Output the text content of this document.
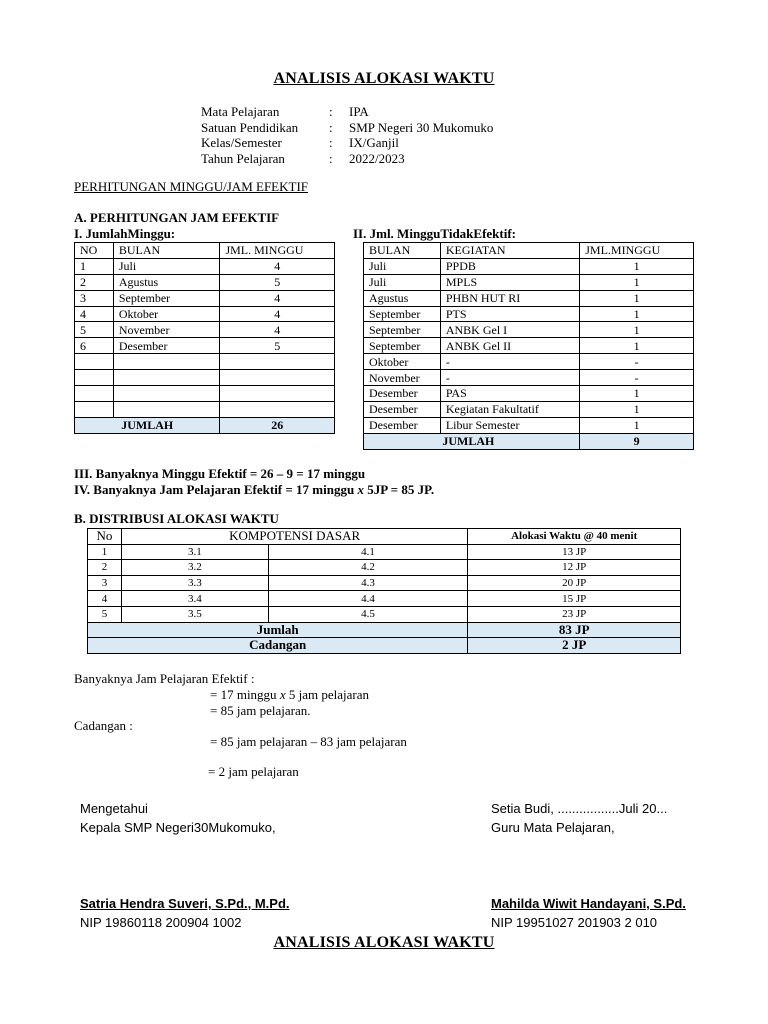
ANALISIS ALOKASI WAKTU
Mata Pelajaran	:	IPA
Satuan Pendidikan	:	SMP Negeri 30 Mukomuko
Kelas/Semester	:	IX/Ganjil
Tahun Pelajaran	:	2022/2023
PERHITUNGAN MINGGU/JAM EFEKTIF
A. PERHITUNGAN JAM EFEKTIF
I. JumlahMinggu:	II. Jml. MingguTidakEfektif:
NO	BULAN	JML. MINGGU
1	Juli	4
2	Agustus	5
3	September	4
4	Oktober	4
5	November	4
6	Desember	5

JUMLAH		26
BULAN	KEGIATAN	JML.MINGGU
Juli	PPDB	1
Juli	MPLS	1
Agustus	PHBN HUT RI	1
September	PTS	1
September	ANBK Gel I	1
September	ANBK Gel II	1
Oktober	-	-
November	-	-
Desember	PAS	1
Desember	Kegiatan Fakultatif	1
Desember	Libur Semester	1
	JUMLAH	9
III. Banyaknya Minggu Efektif = 26 – 9 = 17 minggu
IV. Banyaknya Jam Pelajaran Efektif = 17 minggu x 5JP = 85 JP.
B. DISTRIBUSI ALOKASI WAKTU
No	KOMPOTENSI DASAR		Alokasi Waktu @ 40 menit
1	3.1	4.1	13 JP
2	3.2	4.2	12 JP
3	3.3	4.3	20 JP
4	3.4	4.4	15 JP
5	3.5	4.5	23 JP
Jumlah			83 JP
Cadangan			2 JP
Banyaknya Jam Pelajaran Efektif :
= 17 minggu x 5 jam pelajaran
= 85 jam pelajaran.
Cadangan :
= 85 jam pelajaran – 83 jam pelajaran
= 2 jam pelajaran
Mengetahui
Kepala SMP Negeri30Mukomuko,
Satria Hendra Suveri, S.Pd., M.Pd.
NIP 19860118 200904 1002
Setia Budi, .................Juli 20...
Guru Mata Pelajaran,
Mahilda Wiwit Handayani, S.Pd.
NIP 19951027 201903 2 010
ANALISIS ALOKASI WAKTU
